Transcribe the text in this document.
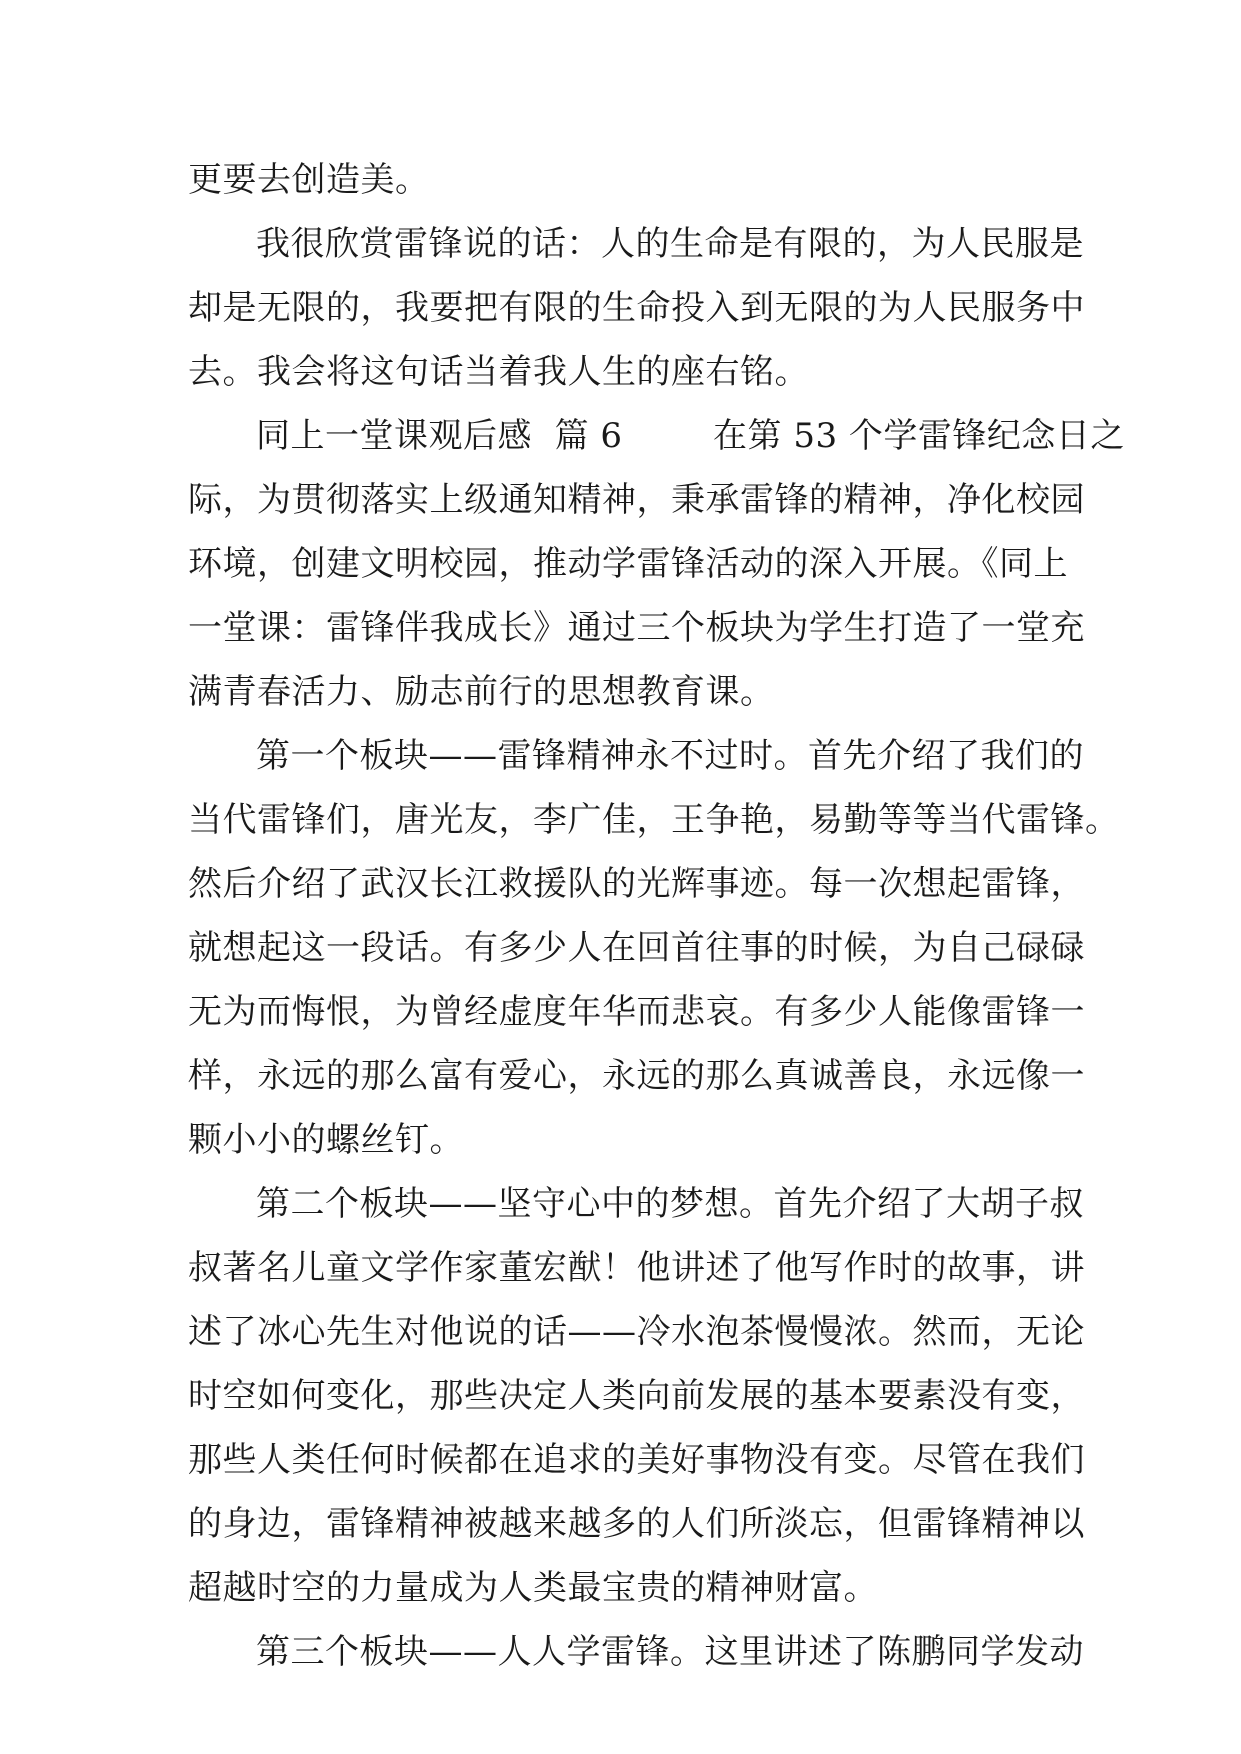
更要去创造美。
我很欣赏雷锋说的话：人的生命是有限的，为人民服是
却是无限的，我要把有限的生命投入到无限的为人民服务中
去。我会将这句话当着我人生的座右铭。
同上一堂课观后感  篇 6        在第 53 个学雷锋纪念日之
际，为贯彻落实上级通知精神，秉承雷锋的精神，净化校园
环境，创建文明校园，推动学雷锋活动的深入开展。《同上
一堂课：雷锋伴我成长》通过三个板块为学生打造了一堂充
满青春活力、励志前行的思想教育课。
第一个板块——雷锋精神永不过时。首先介绍了我们的
当代雷锋们，唐光友，李广佳，王争艳，易勤等等当代雷锋。
然后介绍了武汉长江救援队的光辉事迹。每一次想起雷锋，
就想起这一段话。有多少人在回首往事的时候，为自己碌碌
无为而悔恨，为曾经虚度年华而悲哀。有多少人能像雷锋一
样，永远的那么富有爱心，永远的那么真诚善良，永远像一
颗小小的螺丝钉。
第二个板块——坚守心中的梦想。首先介绍了大胡子叔
叔著名儿童文学作家董宏猷！他讲述了他写作时的故事，讲
述了冰心先生对他说的话——冷水泡茶慢慢浓。然而，无论
时空如何变化，那些决定人类向前发展的基本要素没有变，
那些人类任何时候都在追求的美好事物没有变。尽管在我们
的身边，雷锋精神被越来越多的人们所淡忘，但雷锋精神以
超越时空的力量成为人类最宝贵的精神财富。
第三个板块——人人学雷锋。这里讲述了陈鹏同学发动
